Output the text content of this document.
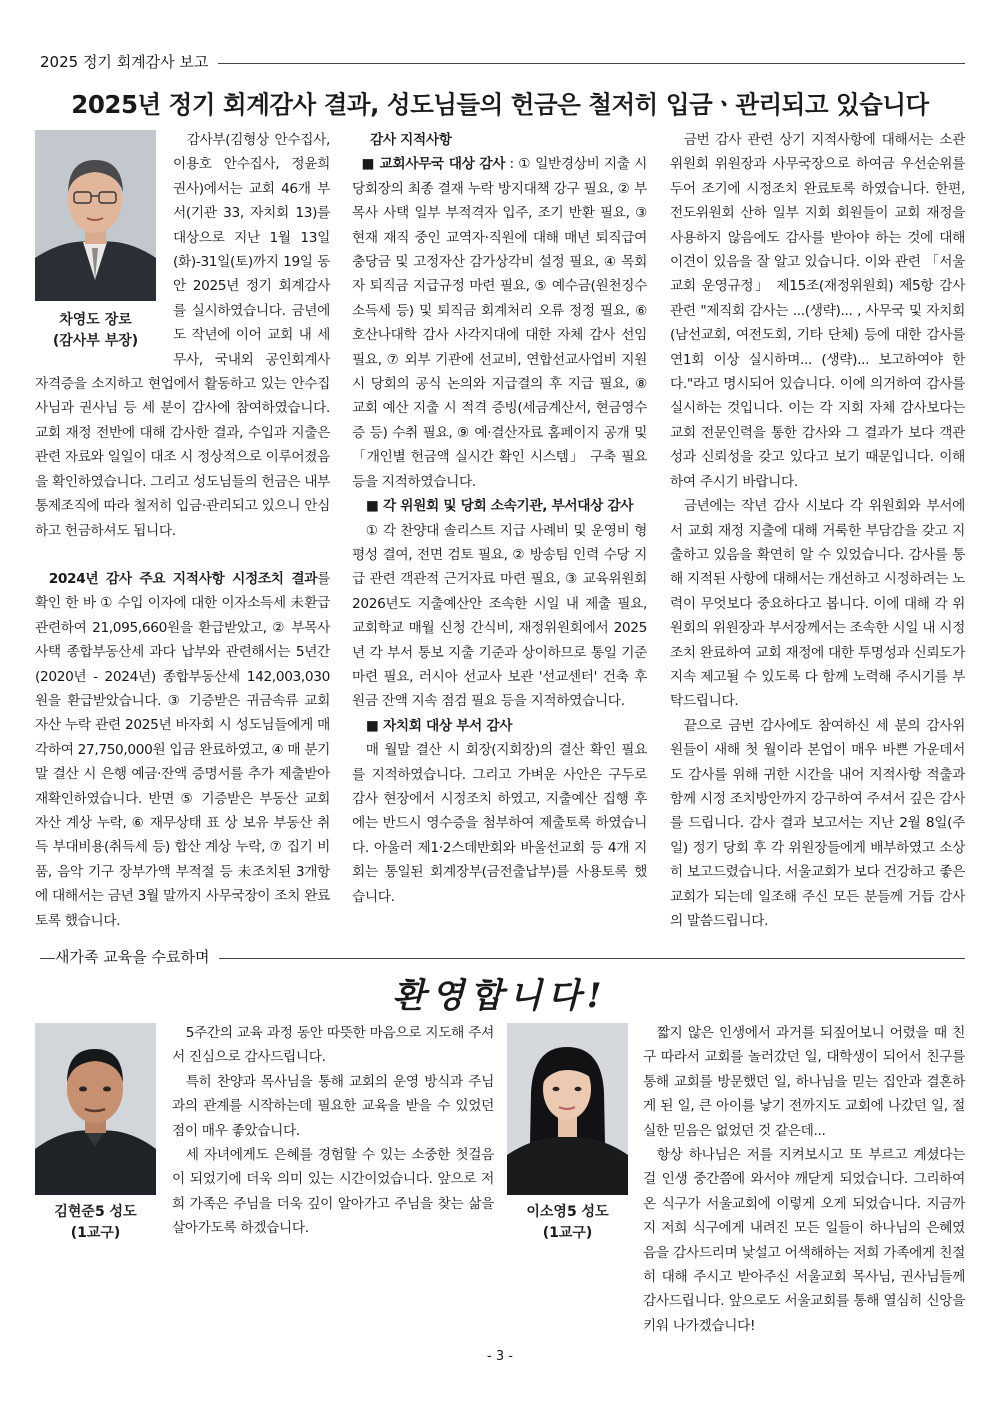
2025 정기 회계감사 보고
2025년 정기 회계감사 결과, 성도님들의 헌금은 철저히 입금ㆍ관리되고 있습니다
차영도 장로
(감사부 부장)

감사부(김형상 안수집사, 이용호 안수집사, 정윤희 권사)에서는 교회 46개 부서(기관 33, 자치회 13)를 대상으로 지난 1월 13일(화)-31일(토)까지 19일 동안 2025년 정기 회계감사를 실시하였습니다. 금년에도 작년에 이어 교회 내 세무사, 국내외 공인회계사 자격증을 소지하고 현업에서 활동하고 있는 안수집사님과 권사님 등 세 분이 감사에 참여하였습니다. 교회 재정 전반에 대해 감사한 결과, 수입과 지출은 관련 자료와 일일이 대조 시 정상적으로 이루어졌음을 확인하였습니다. 그리고 성도님들의 헌금은 내부 통제조직에 따라 철저히 입금·관리되고 있으니 안심하고 헌금하셔도 됩니다.

2024년 감사 주요 지적사항 시정조치 결과를 확인 한 바 ① 수입 이자에 대한 이자소득세 未환급 관련하여 21,095,660원을 환급받았고, ② 부목사 사택 종합부동산세 과다 납부와 관련해서는 5년간(2020년 - 2024년) 종합부동산세 142,003,030원을 환급받았습니다. ③ 기증받은 귀금속류 교회 자산 누락 관련 2025년 바자회 시 성도님들에게 매각하여 27,750,000원 입금 완료하였고, ④ 매 분기 말 결산 시 은행 예금·잔액 증명서를 추가 제출받아 재확인하였습니다. 반면 ⑤ 기증받은 부동산 교회 자산 계상 누락, ⑥ 재무상태 표 상 보유 부동산 취득 부대비용(취득세 등) 합산 계상 누락, ⑦ 집기 비품, 음악 기구 장부가액 부적절 등 未조치된 3개항에 대해서는 금년 3월 말까지 사무국장이 조치 완료토록 했습니다.

감사 지적사항

■ 교회사무국 대상 감사 : ① 일반경상비 지출 시 당회장의 최종 결재 누락 방지대책 강구 필요, ② 부목사 사택 일부 부적격자 입주, 조기 반환 필요, ③ 현재 재직 중인 교역자·직원에 대해 매년 퇴직급여충당금 및 고정자산 감가상각비 설정 필요, ④ 목회자 퇴직금 지급규정 마련 필요, ⑤ 예수금(원천징수 소득세 등) 및 퇴직금 회계처리 오류 정정 필요, ⑥ 호산나대학 감사 사각지대에 대한 자체 감사 선임 필요, ⑦ 외부 기관에 선교비, 연합선교사업비 지원 시 당회의 공식 논의와 지급결의 후 지급 필요, ⑧ 교회 예산 지출 시 적격 증빙(세금계산서, 현금영수증 등) 수취 필요, ⑨ 예·결산자료 홈페이지 공개 및 「개인별 헌금액 실시간 확인 시스템」 구축 필요 등을 지적하였습니다.

■ 각 위원회 및 당회 소속기관, 부서대상 감사

① 각 찬양대 솔리스트 지급 사례비 및 운영비 형평성 결여, 전면 검토 필요, ② 방송팀 인력 수당 지급 관련 객관적 근거자료 마련 필요, ③ 교육위원회 2026년도 지출예산안 조속한 시일 내 제출 필요, 교회학교 매월 신청 간식비, 재정위원회에서 2025년 각 부서 통보 지출 기준과 상이하므로 통일 기준 마련 필요, 러시아 선교사 보관 '선교센터' 건축 후원금 잔액 지속 점검 필요 등을 지적하였습니다.

■ 자치회 대상 부서 감사

매 월말 결산 시 회장(지회장)의 결산 확인 필요를 지적하였습니다. 그리고 가벼운 사안은 구두로 감사 현장에서 시정조치 하였고, 지출예산 집행 후에는 반드시 영수증을 첨부하여 제출토록 하였습니다. 아울러 제1·2스데반회와 바울선교회 등 4개 지회는 통일된 회계장부(금전출납부)를 사용토록 했습니다.

금번 감사 관련 상기 지적사항에 대해서는 소관 위원회 위원장과 사무국장으로 하여금 우선순위를 두어 조기에 시정조치 완료토록 하였습니다. 한편, 전도위원회 산하 일부 지회 회원들이 교회 재정을 사용하지 않음에도 감사를 받아야 하는 것에 대해 이견이 있음을 잘 알고 있습니다. 이와 관련 「서울교회 운영규정」 제15조(재정위원회) 제5항 감사 관련 "제직회 감사는 ...(생략)... , 사무국 및 자치회(남선교회, 여전도회, 기타 단체) 등에 대한 감사를 연1회 이상 실시하며... (생략)... 보고하여야 한다."라고 명시되어 있습니다. 이에 의거하여 감사를 실시하는 것입니다. 이는 각 지회 자체 감사보다는 교회 전문인력을 통한 감사와 그 결과가 보다 객관성과 신뢰성을 갖고 있다고 보기 때문입니다. 이해하여 주시기 바랍니다.

금년에는 작년 감사 시보다 각 위원회와 부서에서 교회 재정 지출에 대해 거룩한 부담감을 갖고 지출하고 있음을 확연히 알 수 있었습니다. 감사를 통해 지적된 사항에 대해서는 개선하고 시정하려는 노력이 무엇보다 중요하다고 봅니다. 이에 대해 각 위원회의 위원장과 부서장께서는 조속한 시일 내 시정조치 완료하여 교회 재정에 대한 투명성과 신뢰도가 지속 제고될 수 있도록 다 함께 노력해 주시기를 부탁드립니다.

끝으로 금번 감사에도 참여하신 세 분의 감사위원들이 새해 첫 월이라 본업이 매우 바쁜 가운데서도 감사를 위해 귀한 시간을 내어 지적사항 적출과 함께 시정 조치방안까지 강구하여 주셔서 깊은 감사를 드립니다. 감사 결과 보고서는 지난 2월 8일(주일) 정기 당회 후 각 위원장들에게 배부하였고 소상히 보고드렸습니다. 서울교회가 보다 건강하고 좋은 교회가 되는데 일조해 주신 모든 분들께 거듭 감사의 말씀드립니다.

새가족 교육을 수료하며
환영합니다!
김현준5 성도
(1교구)

5주간의 교육 과정 동안 따뜻한 마음으로 지도해 주셔서 진심으로 감사드립니다.

특히 찬양과 목사님을 통해 교회의 운영 방식과 주님과의 관계를 시작하는데 필요한 교육을 받을 수 있었던 점이 매우 좋았습니다.

세 자녀에게도 은혜를 경험할 수 있는 소중한 첫걸음이 되었기에 더욱 의미 있는 시간이었습니다. 앞으로 저희 가족은 주님을 더욱 깊이 알아가고 주님을 찾는 삶을 살아가도록 하겠습니다.

이소영5 성도
(1교구)

짧지 않은 인생에서 과거를 되짚어보니 어렸을 때 친구 따라서 교회를 놀러갔던 일, 대학생이 되어서 친구를 통해 교회를 방문했던 일, 하나님을 믿는 집안과 결혼하게 된 일, 큰 아이를 낳기 전까지도 교회에 나갔던 일, 절실한 믿음은 없었던 것 같은데...

항상 하나님은 저를 지켜보시고 또 부르고 계셨다는 걸 인생 중간쯤에 와서야 깨닫게 되었습니다. 그리하여 온 식구가 서울교회에 이렇게 오게 되었습니다. 지금까지 저희 식구에게 내려진 모든 일들이 하나님의 은혜였음을 감사드리며 낯설고 어색해하는 저희 가족에게 친절히 대해 주시고 받아주신 서울교회 목사님, 권사님들께 감사드립니다. 앞으로도 서울교회를 통해 열심히 신앙을 키워 나가겠습니다!

- 3 -
